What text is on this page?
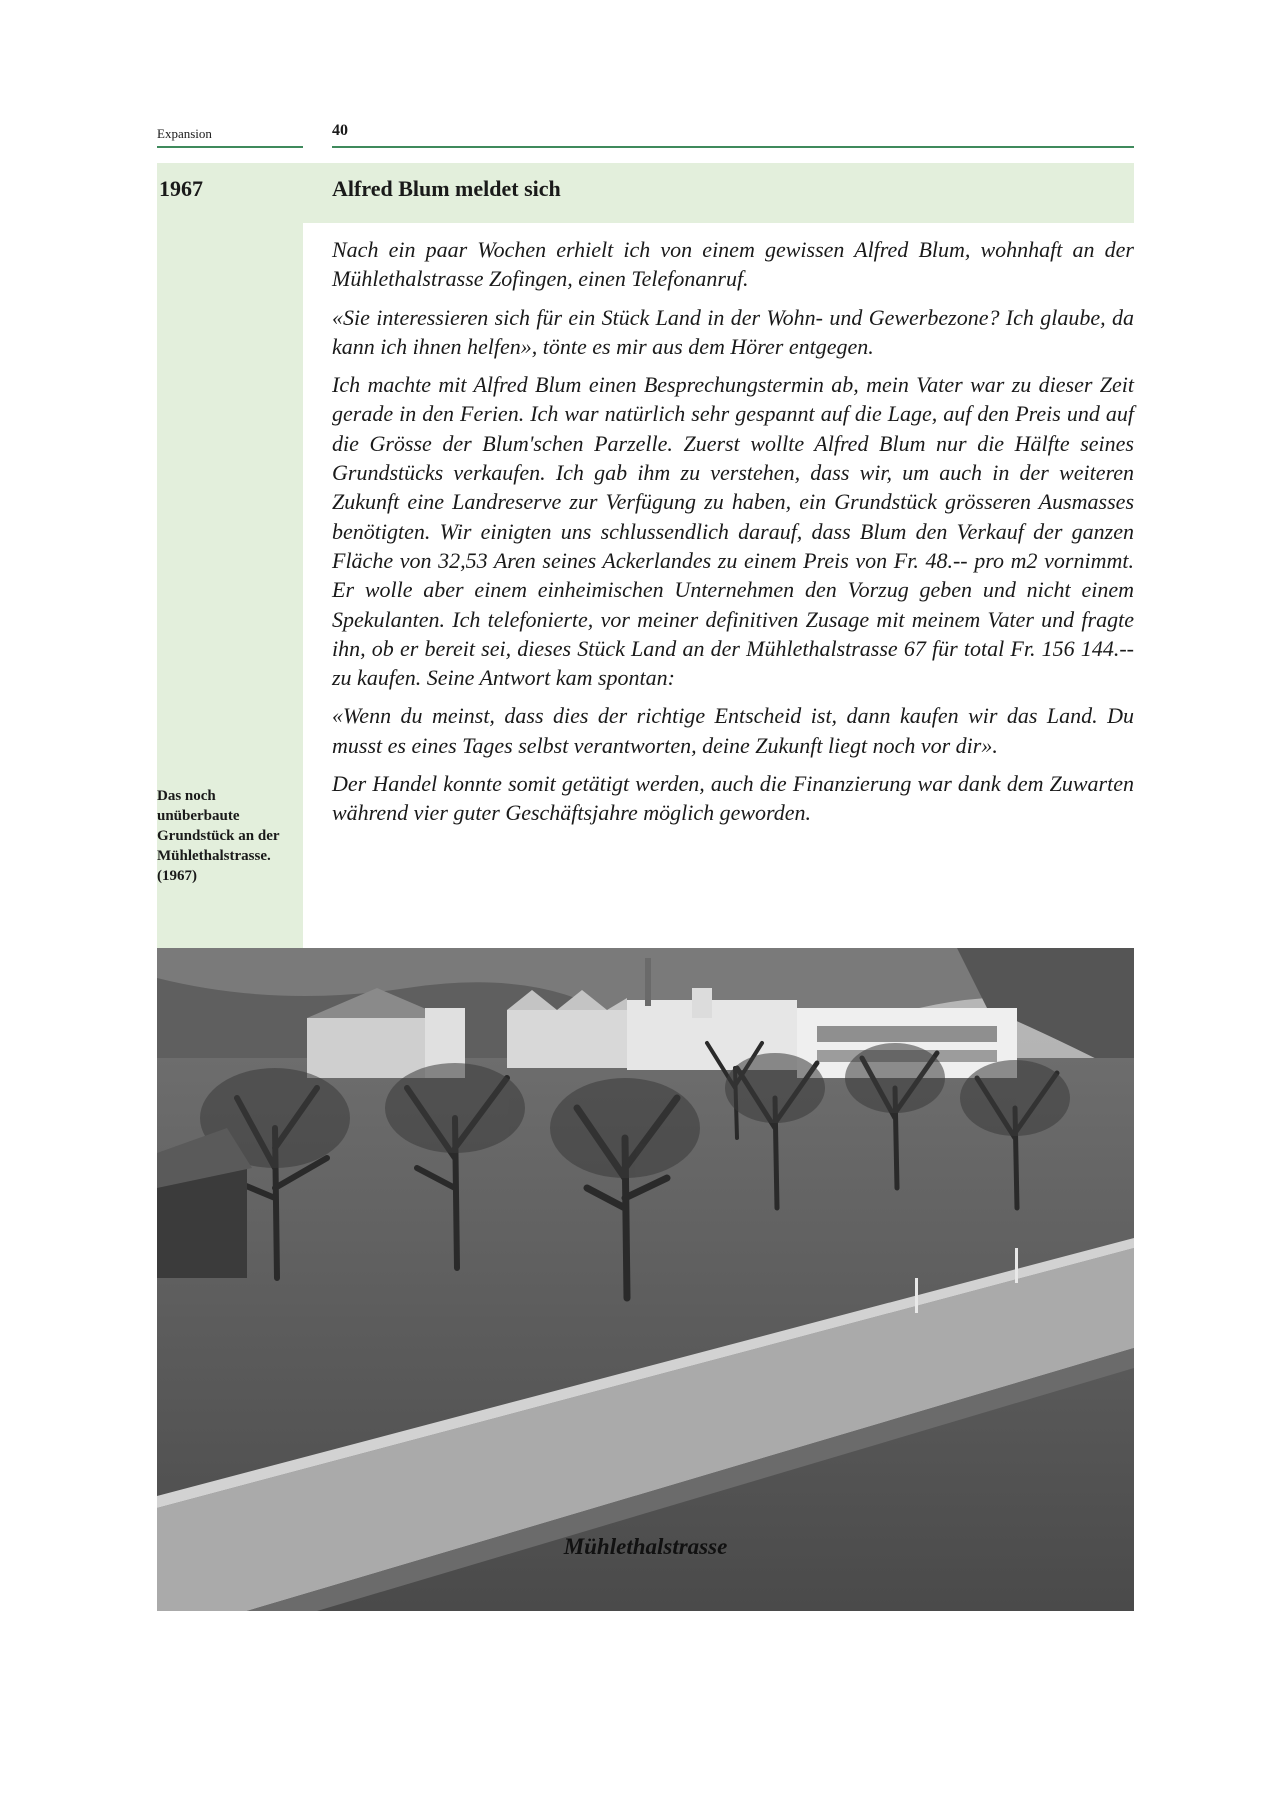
Expansion	40
1967	Alfred Blum meldet sich

Nach ein paar Wochen erhielt ich von einem gewissen Alfred Blum, wohnhaft an der Mühlethalstrasse Zofingen, einen Telefonanruf.

«Sie interessieren sich für ein Stück Land in der Wohn- und Gewerbezone? Ich glaube, da kann ich ihnen helfen», tönte es mir aus dem Hörer entgegen.

Ich machte mit Alfred Blum einen Besprechungstermin ab, mein Vater war zu dieser Zeit gerade in den Ferien. Ich war natürlich sehr gespannt auf die Lage, auf den Preis und auf die Grösse der Blum'schen Parzelle. Zuerst wollte Alfred Blum nur die Hälfte seines Grundstücks verkaufen. Ich gab ihm zu verstehen, dass wir, um auch in der weiteren Zukunft eine Landreserve zur Verfügung zu haben, ein Grundstück grösseren Ausmasses benötigten. Wir einigten uns schlussendlich darauf, dass Blum den Verkauf der ganzen Fläche von 32,53 Aren seines Ackerlandes zu einem Preis von Fr. 48.-- pro m2 vornimmt. Er wolle aber einem einheimischen Unternehmen den Vorzug geben und nicht einem Spekulanten. Ich telefonierte, vor meiner definitiven Zusage mit meinem Vater und fragte ihn, ob er bereit sei, dieses Stück Land an der Mühlethalstrasse 67 für total Fr. 156 144.-- zu kaufen. Seine Antwort kam spontan:

«Wenn du meinst, dass dies der richtige Entscheid ist, dann kaufen wir das Land. Du musst es eines Tages selbst verantworten, deine Zukunft liegt noch vor dir».

Der Handel konnte somit getätigt werden, auch die Finanzierung war dank dem Zuwarten während vier guter Geschäftsjahre möglich geworden.

Das noch unüberbaute Grundstück an der Mühlethalstrasse. (1967)
Mühlethalstrasse
